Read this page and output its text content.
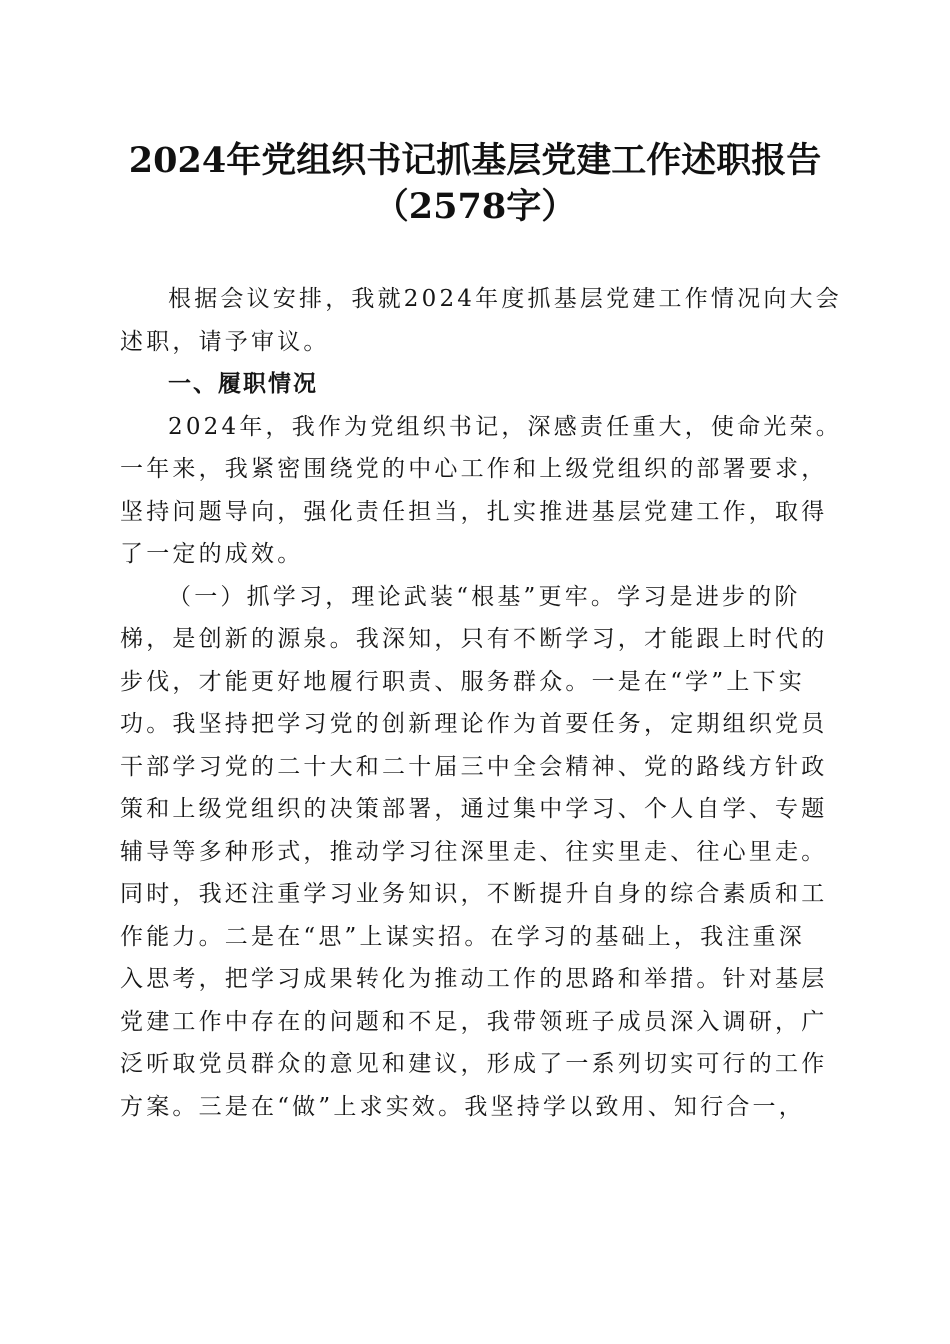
2024年党组织书记抓基层党建工作述职报告
（2578字）
根据会议安排，我就2024年度抓基层党建工作情况向大会
述职，请予审议。
一、履职情况
2024年，我作为党组织书记，深感责任重大，使命光荣。
一年来，我紧密围绕党的中心工作和上级党组织的部署要求，
坚持问题导向，强化责任担当，扎实推进基层党建工作，取得
了一定的成效。
（一）抓学习，理论武装“根基”更牢。学习是进步的阶
梯，是创新的源泉。我深知，只有不断学习，才能跟上时代的
步伐，才能更好地履行职责、服务群众。一是在“学”上下实
功。我坚持把学习党的创新理论作为首要任务，定期组织党员
干部学习党的二十大和二十届三中全会精神、党的路线方针政
策和上级党组织的决策部署，通过集中学习、个人自学、专题
辅导等多种形式，推动学习往深里走、往实里走、往心里走。
同时，我还注重学习业务知识，不断提升自身的综合素质和工
作能力。二是在“思”上谋实招。在学习的基础上，我注重深
入思考，把学习成果转化为推动工作的思路和举措。针对基层
党建工作中存在的问题和不足，我带领班子成员深入调研，广
泛听取党员群众的意见和建议，形成了一系列切实可行的工作
方案。三是在“做”上求实效。我坚持学以致用、知行合一，
